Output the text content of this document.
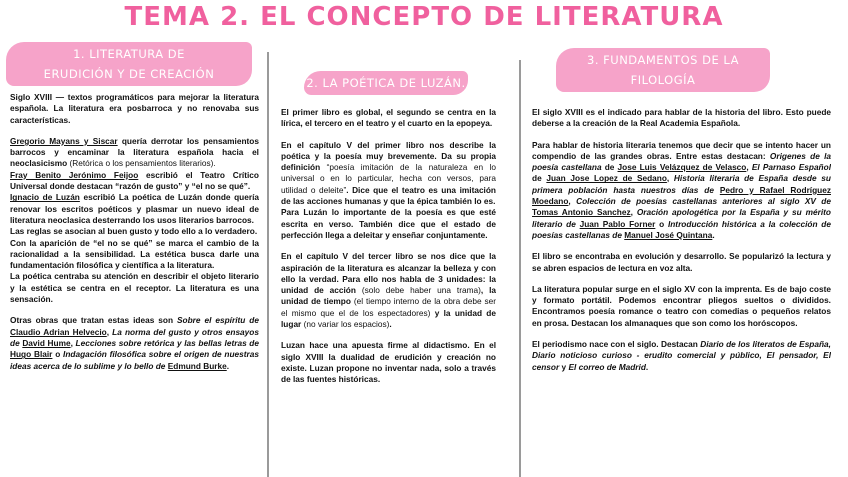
TEMA 2. EL CONCEPTO DE LITERATURA
1. LITERATURA DE
ERUDICIÓN Y DE CREACIÓN
2. LA POÉTICA DE LUZÁN.
3. FUNDAMENTOS DE LA FILOLOGÍA
Y LA LITERATURA ESPAÑOLA

Siglo XVIII — textos programáticos para mejorar la literatura española. La literatura era posbarroca y no renovaba sus características.

Gregorio Mayans y Siscar quería derrotar los pensamientos barrocos y encaminar la literatura española hacia el neoclasicismo (Retórica o los pensamientos literarios).

Fray Benito Jerónimo Feijoo escribió el Teatro Crítico Universal donde destacan “razón de gusto” y “el no se qué”.

Ignacio de Luzán escribió La poética de Luzán donde quería renovar los escritos poéticos y plasmar un nuevo ideal de literatura neoclasica desterrando los usos literarios barrocos.

Las reglas se asocian al buen gusto y todo ello a lo verdadero.

Con la aparición de “el no se qué” se marca el cambio de la racionalidad a la sensibilidad. La estética busca darle una fundamentación filosófica y científica a la literatura.

La poética centraba su atención en describir el objeto literario y la estética se centra en el receptor. La literatura es una sensación.

Otras obras que tratan estas ideas son Sobre el espíritu de Claudio Adrian Helvecio, La norma del gusto y otros ensayos de David Hume, Lecciones sobre retórica y las bellas letras de Hugo Blair o Indagación filosófica sobre el origen de nuestras ideas acerca de lo sublime y lo bello de Edmund Burke.

El primer libro es global, el segundo se centra en la lírica, el tercero en el teatro y el cuarto en la epopeya.

En el capítulo V del primer libro nos describe la poética y la poesía muy brevemente. Da su propia definición “poesía imitación de la naturaleza en lo universal o en lo particular, hecha con versos, para utilidad o deleite”. Dice que el teatro es una imitación de las acciones humanas y que la épica también lo es.

Para Luzán lo importante de la poesía es que esté escrita en verso. También dice que el estado de perfección llega a deleitar y enseñar conjuntamente.

En el capítulo V del tercer libro se nos dice que la aspiración de la literatura es alcanzar la belleza y con ello la verdad. Para ello nos habla de 3 unidades: la unidad de acción (solo debe haber una trama), la unidad de tiempo (el tiempo interno de la obra debe ser el mismo que el de los espectadores) y la unidad de lugar (no variar los espacios).

Luzan hace una apuesta firme al didactismo. En el siglo XVIII la dualidad de erudición y creación no existe. Luzan propone no inventar nada, solo a través de las fuentes históricas.

El siglo XVIII es el indicado para hablar de la historia del libro. Esto puede deberse a la creación de la Real Academia Española.

Para hablar de historia literaria tenemos que decir que se intento hacer un compendio de las grandes obras. Entre estas destacan: Origenes de la poesía castellana de Jose Luis Velázquez de Velasco, El Parnaso Español de Juan Jose Lopez de Sedano, Historia literaria de España desde su primera población hasta nuestros días de Pedro y Rafael Rodríguez Moedano, Colección de poesías castellanas anteriores al siglo XV de Tomas Antonio Sanchez, Oración apologética por la España y su mérito literario de Juan Pablo Forner o Introducción histórica a la colección de poesías castellanas de Manuel José Quintana.

El libro se encontraba en evolución y desarrollo. Se popularizó la lectura y se abren espacios de lectura en voz alta.

La literatura popular surge en el siglo XV con la imprenta. Es de bajo coste y formato portátil. Podemos encontrar pliegos sueltos o divididos. Encontramos poesía romance o teatro con comedias o pequeños relatos en prosa. Destacan los almanaques que son como los horóscopos.

El periodismo nace con el siglo. Destacan Diario de los literatos de España, Diario noticioso curioso - erudito comercial y público, El pensador, El censor y El correo de Madrid.
